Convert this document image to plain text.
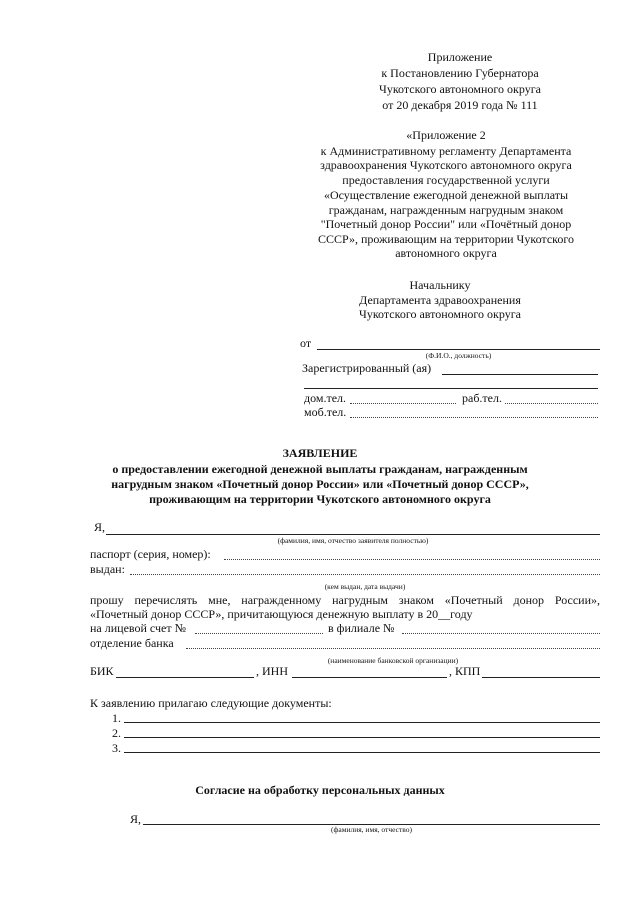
Приложение
к Постановлению Губернатора
Чукотского автономного округа
от 20 декабря 2019 года № 111
«Приложение 2
к Административному регламенту Департамента
здравоохранения Чукотского автономного округа
предоставления государственной услуги
«Осуществление ежегодной денежной выплаты
гражданам, награжденным нагрудным знаком
"Почетный донор России" или «Почётный донор
СССР», проживающим на территории Чукотского
автономного округа
Начальнику
Департамента здравоохранения
Чукотского автономного округа
от
(Ф.И.О., должность)
Зарегистрированный (ая)
дом.тел.	раб.тел.
моб.тел.
ЗАЯВЛЕНИЕ
о предоставлении ежегодной денежной выплаты гражданам, награжденным
нагрудным знаком «Почетный донор России» или «Почетный донор СССР»,
проживающим на территории Чукотского автономного округа
Я,
(фамилия, имя, отчество заявителя полностью)
паспорт (серия, номер):
выдан:
(кем выдан, дата выдачи)
прошу перечислять мне, награжденному нагрудным знаком «Почетный донор России»,
«Почетный донор СССР», причитающуюся денежную выплату в 20__году
на лицевой счет №	в филиале №
отделение банка
(наименование банковской организации)
БИК	, ИНН	, КПП
К заявлению прилагаю следующие документы:
1.
2.
3.
Согласие на обработку персональных данных
Я,
(фамилия, имя, отчество)
